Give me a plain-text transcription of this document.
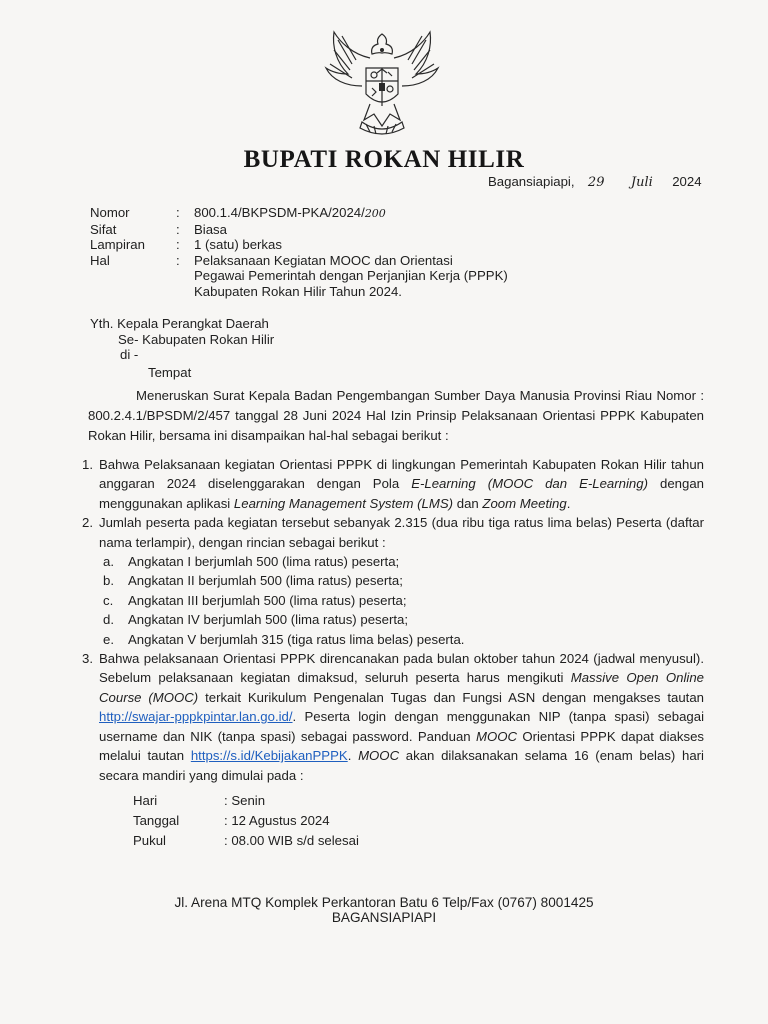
BUPATI ROKAN HILIR
Bagansiapiapi, 29 Juli 2024
Nomor	:	800.1.4/BKPSDM-PKA/2024/200
Sifat	:	Biasa
Lampiran	:	1 (satu) berkas
Hal	:	Pelaksanaan Kegiatan MOOC dan Orientasi
Pegawai Pemerintah dengan Perjanjian Kerja (PPPK)
Kabupaten Rokan Hilir Tahun 2024.
Yth. Kepala Perangkat Daerah
Se- Kabupaten Rokan Hilir
di -
Tempat
Meneruskan Surat Kepala Badan Pengembangan Sumber Daya Manusia Provinsi Riau Nomor : 800.2.4.1/BPSDM/2/457 tanggal 28 Juni 2024 Hal Izin Prinsip Pelaksanaan Orientasi PPPK Kabupaten Rokan Hilir, bersama ini disampaikan hal-hal sebagai berikut :
1. Bahwa Pelaksanaan kegiatan Orientasi PPPK di lingkungan Pemerintah Kabupaten Rokan Hilir tahun anggaran 2024 diselenggarakan dengan Pola E-Learning (MOOC dan E-Learning) dengan menggunakan aplikasi Learning Management System (LMS) dan Zoom Meeting.
2. Jumlah peserta pada kegiatan tersebut sebanyak 2.315 (dua ribu tiga ratus lima belas) Peserta (daftar nama terlampir), dengan rincian sebagai berikut :
a.	Angkatan I berjumlah 500 (lima ratus) peserta;
b.	Angkatan II berjumlah 500 (lima ratus) peserta;
c.	Angkatan III berjumlah 500 (lima ratus) peserta;
d.	Angkatan IV berjumlah 500 (lima ratus) peserta;
e.	Angkatan V berjumlah 315 (tiga ratus lima belas) peserta.
3. Bahwa pelaksanaan Orientasi PPPK direncanakan pada bulan oktober tahun 2024 (jadwal menyusul). Sebelum pelaksanaan kegiatan dimaksud, seluruh peserta harus mengikuti Massive Open Online Course (MOOC) terkait Kurikulum Pengenalan Tugas dan Fungsi ASN dengan mengakses tautan http://swajar-pppkpintar.lan.go.id/. Peserta login dengan menggunakan NIP (tanpa spasi) sebagai username dan NIK (tanpa spasi) sebagai password. Panduan MOOC Orientasi PPPK dapat diakses melalui tautan https://s.id/KebijakanPPPK. MOOC akan dilaksanakan selama 16 (enam belas) hari secara mandiri yang dimulai pada :
Hari	: Senin
Tanggal	: 12 Agustus 2024
Pukul	: 08.00 WIB s/d selesai
Jl. Arena MTQ Komplek Perkantoran Batu 6 Telp/Fax (0767) 8001425
BAGANSIAPIAPI
